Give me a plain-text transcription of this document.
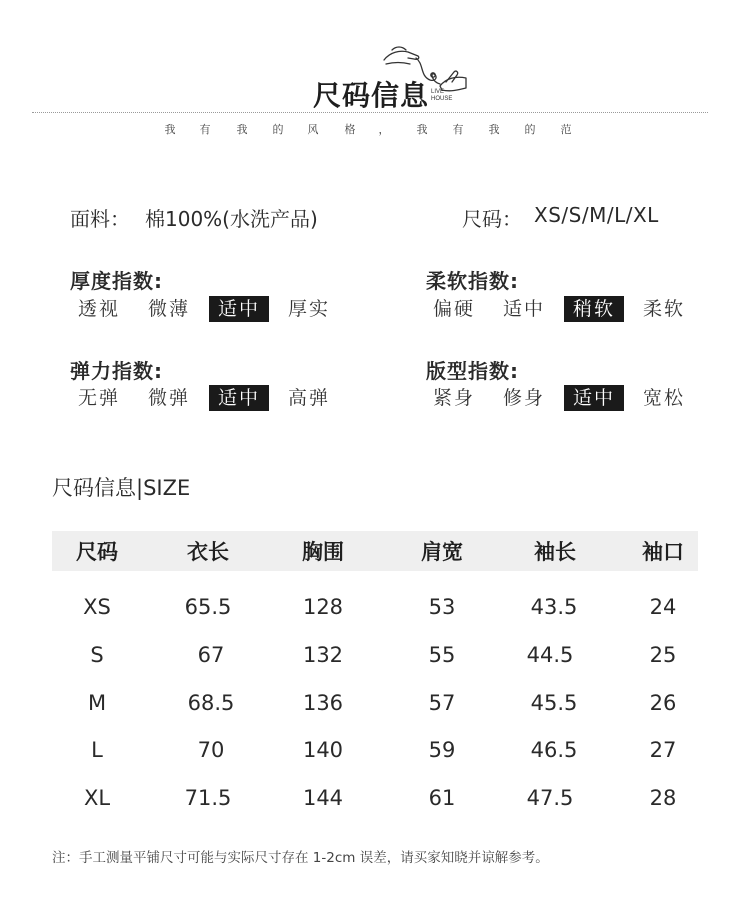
尺码信息 LIVE
HOUSE
我	有	我	的	风	格	，	我	有	我	的	范
面料： 棉100%(水洗产品)	尺码： XS/S/M/L/XL
厚度指数:
透视	微薄	适中	厚实
柔软指数:
偏硬	适中	稍软	柔软
弹力指数:
无弹	微弹	适中	高弹
版型指数:
紧身	修身	适中	宽松
尺码信息|SIZE
尺码	衣长	胸围	肩宽	袖长	袖口
XS	65.5	128	53	43.5	24
S	67	132	55	44.5	25
M	68.5	136	57	45.5	26
L	70	140	59	46.5	27
XL	71.5	144	61	47.5	28
注：手工测量平铺尺寸可能与实际尺寸存在 1-2cm 误差，请买家知晓并谅解参考。
